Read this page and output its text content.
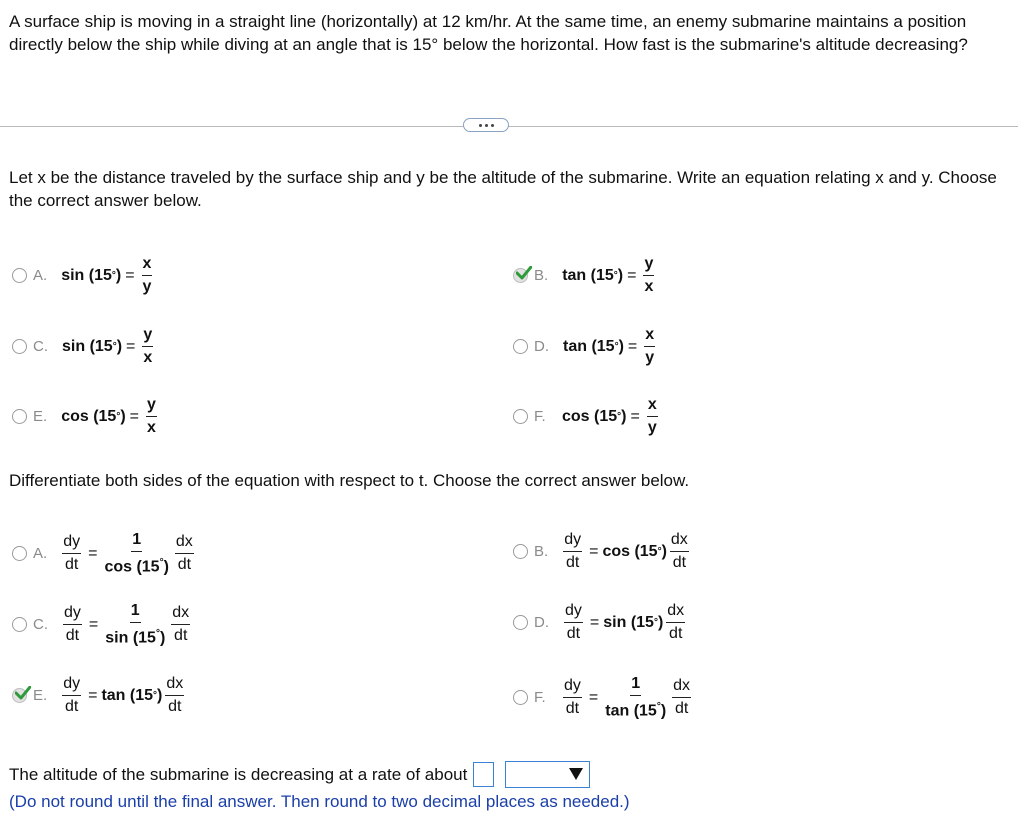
A surface ship is moving in a straight line (horizontally) at 12 km/hr. At the same time, an enemy submarine maintains a position directly below the ship while diving at an angle that is 15° below the horizontal. How fast is the submarine's altitude decreasing?
Let x be the distance traveled by the surface ship and y be the altitude of the submarine. Write an equation relating x and y. Choose the correct answer below.
A. sin (15 ° ) = $\frac{x}{y}$	B. tan (15 ° ) = $\frac{y}{x}$
C. sin (15 ° ) = $\frac{y}{x}$	D. tan (15 ° ) = $\frac{x}{y}$
E. cos (15 ° ) = $\frac{y}{x}$	F. cos (15 ° ) = $\frac{x}{y}$
Differentiate both sides of the equation with respect to t. Choose the correct answer below.
A. $\frac{dy}{dt} = \frac{1}{\cos (15^\circ)} \frac{dx}{dt}$	B. $\frac{dy}{dt} = \cos (15$ ° ) $\frac{dx}{dt}$
C. $\frac{dy}{dt} = \frac{1}{\sin (15^\circ)} \frac{dx}{dt}$	D. $\frac{dy}{dt} = \sin (15$ ° ) $\frac{dx}{dt}$
E. $\frac{dy}{dt} = \tan (15$ ° ) $\frac{dx}{dt}$	F. $\frac{dy}{dt} = \frac{1}{\tan (15^\circ)} \frac{dx}{dt}$
The altitude of the submarine is decreasing at a rate of about
(Do not round until the final answer. Then round to two decimal places as needed.)
